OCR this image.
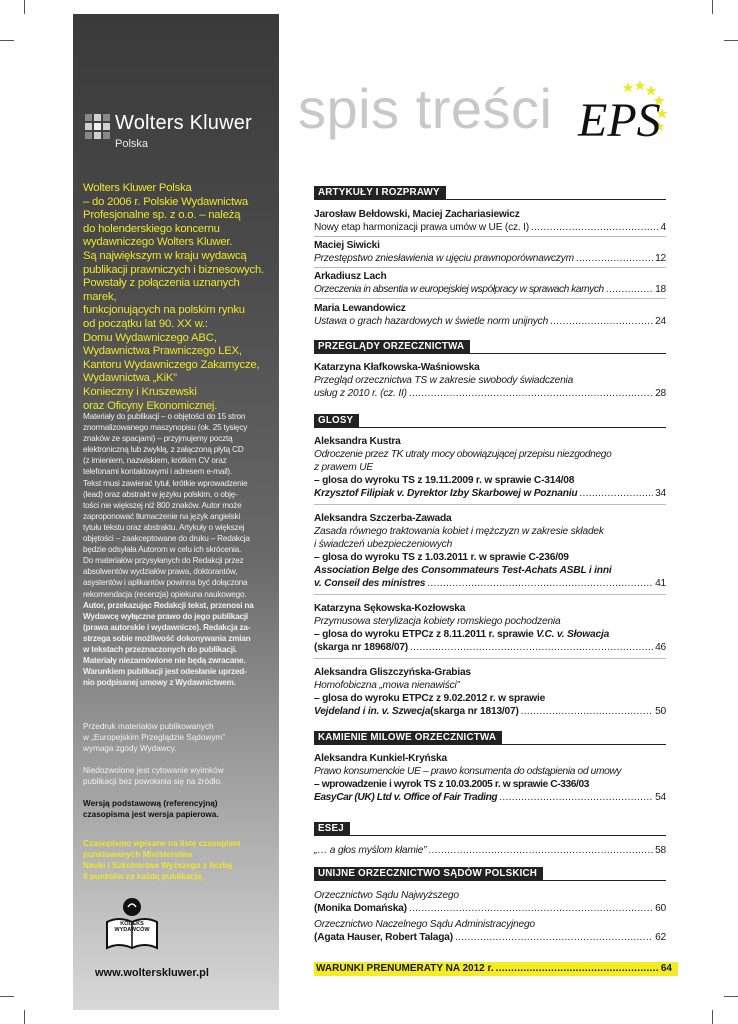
Wolters Kluwer
Polska
Wolters Kluwer Polska
– do 2006 r. Polskie Wydawnictwa
Profesjonalne sp. z o.o. – należą
do holenderskiego koncernu
wydawniczego Wolters Kluwer.
Są największym w kraju wydawcą
publikacji prawniczych i biznesowych.
Powstały z połączenia uznanych marek,
funkcjonujących na polskim rynku
od początku lat 90. XX w.:
Domu Wydawniczego ABC,
Wydawnictwa Prawniczego LEX,
Kantoru Wydawniczego Zakamycze,
Wydawnictwa „KiK”
Konieczny i Kruszewski
oraz Oficyny Ekonomicznej.
Materiały do publikacji – o objętości do 15 stron
znormalizowanego maszynopisu (ok. 25 tysięcy
znaków ze spacjami) – przyjmujemy pocztą
elektroniczną lub zwykłą, z załączoną płytą CD
(z imieniem, nazwiskiem, krótkim CV oraz
telefonami kontaktowymi i adresem e-mail).
Tekst musi zawierać tytuł, krótkie wprowadzenie
(lead) oraz abstrakt w języku polskim, o obję-
tości nie większej niż 800 znaków. Autor może
zaproponować tłumaczenie na język angielski
tytułu tekstu oraz abstraktu. Artykuły o większej
objętości – zaakceptowane do druku – Redakcja
będzie odsyłała Autorom w celu ich skrócenia.
Do materiałów przysyłanych do Redakcji przez
absolwentów wydziałów prawa, doktorantów,
asystentów i aplikantów powinna być dołączona
rekomendacja (recenzja) opiekuna naukowego.
Autor, przekazując Redakcji tekst, przenosi na
Wydawcę wyłączne prawo do jego publikacji
(prawa autorskie i wydawnicze). Redakcja za-
strzega sobie możliwość dokonywania zmian
w tekstach przeznaczonych do publikacji.
Materiały niezamówione nie będą zwracane.
Warunkiem publikacji jest odesłanie uprzed-
nio podpisanej umowy z Wydawnictwem.
Przedruk materiałów publikowanych
w „Europejskim Przeglądzie Sądowym”
wymaga zgody Wydawcy.
Niedozwolone jest cytowanie wyimków
publikacji bez powołania się na źródło.
Wersją podstawową (referencyjną)
czasopisma jest wersja papierowa.
Czasopismo wpisane na listę czasopism
punktowanych Ministerstwa
Nauki i Szkolnictwa Wyższego z liczbą
9 punktów za każdą publikację.
KODEKS WYDAWCÓW
www.wolterskluwer.pl
spis treści EPS
ARTYKUŁY I ROZPRAWY
Jarosław Bełdowski, Maciej Zachariasiewicz
Nowy etap harmonizacji prawa umów w UE (cz. I) .....	4
Maciej Siwicki
Przestępstwo zniesławienia w ujęciu prawnoporównawczym .....	12
Arkadiusz Lach
Orzeczenia in absentia w europejskiej współpracy w sprawach karnych .....	18
Maria Lewandowicz
Ustawa o grach hazardowych w świetle norm unijnych .....	24
PRZEGLĄDY ORZECZNICTWA
Katarzyna Kłafkowska-Waśniowska
Przegląd orzecznictwa TS w zakresie swobody świadczenia
usług z 2010 r. (cz. II) .....	28
GLOSY
Aleksandra Kustra
Odroczenie przez TK utraty mocy obowiązującej przepisu niezgodnego
z prawem UE
– glosa do wyroku TS z 19.11.2009 r. w sprawie C-314/08
Krzysztof Filipiak v. Dyrektor Izby Skarbowej w Poznaniu .....	34
Aleksandra Szczerba-Zawada
Zasada równego traktowania kobiet i mężczyzn w zakresie składek
i świadczeń ubezpieczeniowych
– glosa do wyroku TS z 1.03.2011 r. w sprawie C-236/09
Association Belge des Consommateurs Test-Achats ASBL i inni
v. Conseil des ministres .....	41
Katarzyna Sękowska-Kozłowska
Przymusowa sterylizacja kobiety romskiego pochodzenia
– glosa do wyroku ETPCz z 8.11.2011 r. sprawie V.C. v. Słowacja
(skarga nr 18968/07) .....	46
Aleksandra Gliszczyńska-Grabias
Homofobiczna „mowa nienawiści”
– glosa do wyroku ETPCz z 9.02.2012 r. w sprawie
Vejdeland i in. v. Szwecja (skarga nr 1813/07) .....	50
KAMIENIE MILOWE ORZECZNICTWA
Aleksandra Kunkiel-Kryńska
Prawo konsumenckie UE – prawo konsumenta do odstąpienia od umowy
– wprowadzenie i wyrok TS z 10.03.2005 r. w sprawie C-336/03
EasyCar (UK) Ltd v. Office of Fair Trading .....	54
ESEJ
„… a głos myślom kłamie” .....	58
UNIJNE ORZECZNICTWO SĄDÓW POLSKICH
Orzecznictwo Sądu Najwyższego
(Monika Domańska) .....	60
Orzecznictwo Naczelnego Sądu Administracyjnego
(Agata Hauser, Robert Talaga) .....	62
WARUNKI PRENUMERATY NA 2012 r. .....	64
